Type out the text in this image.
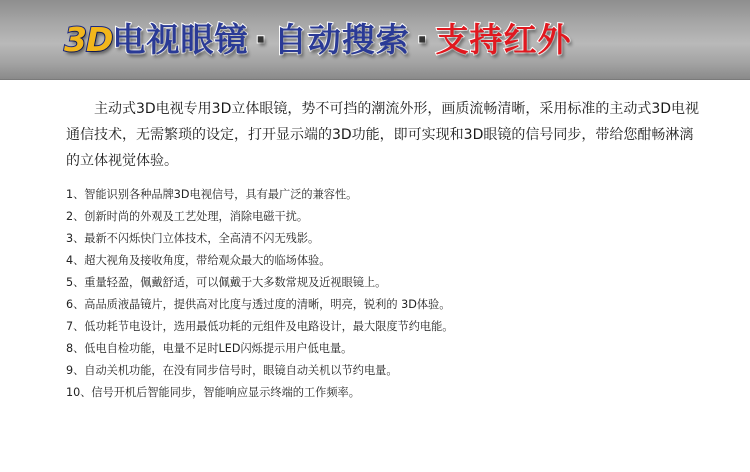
3D电视眼镜 · 自动搜索 · 支持红外
主动式3D电视专用3D立体眼镜，势不可挡的潮流外形，画质流畅清晰，采用标准的主动式3D电视通信技术，无需繁琐的设定，打开显示端的3D功能，即可实现和3D眼镜的信号同步，带给您酣畅淋漓的立体视觉体验。
1、智能识别各种品牌3D电视信号，具有最广泛的兼容性。
2、创新时尚的外观及工艺处理，消除电磁干扰。
3、最新不闪烁快门立体技术，全高清不闪无残影。
4、超大视角及接收角度，带给观众最大的临场体验。
5、重量轻盈，佩戴舒适，可以佩戴于大多数常规及近视眼镜上。
6、高品质液晶镜片，提供高对比度与透过度的清晰，明亮，锐利的 3D体验。
7、低功耗节电设计，选用最低功耗的元组件及电路设计，最大限度节约电能。
8、低电自检功能，电量不足时LED闪烁提示用户低电量。
9、自动关机功能，在没有同步信号时，眼镜自动关机以节约电量。
10、信号开机后智能同步，智能响应显示终端的工作频率。
